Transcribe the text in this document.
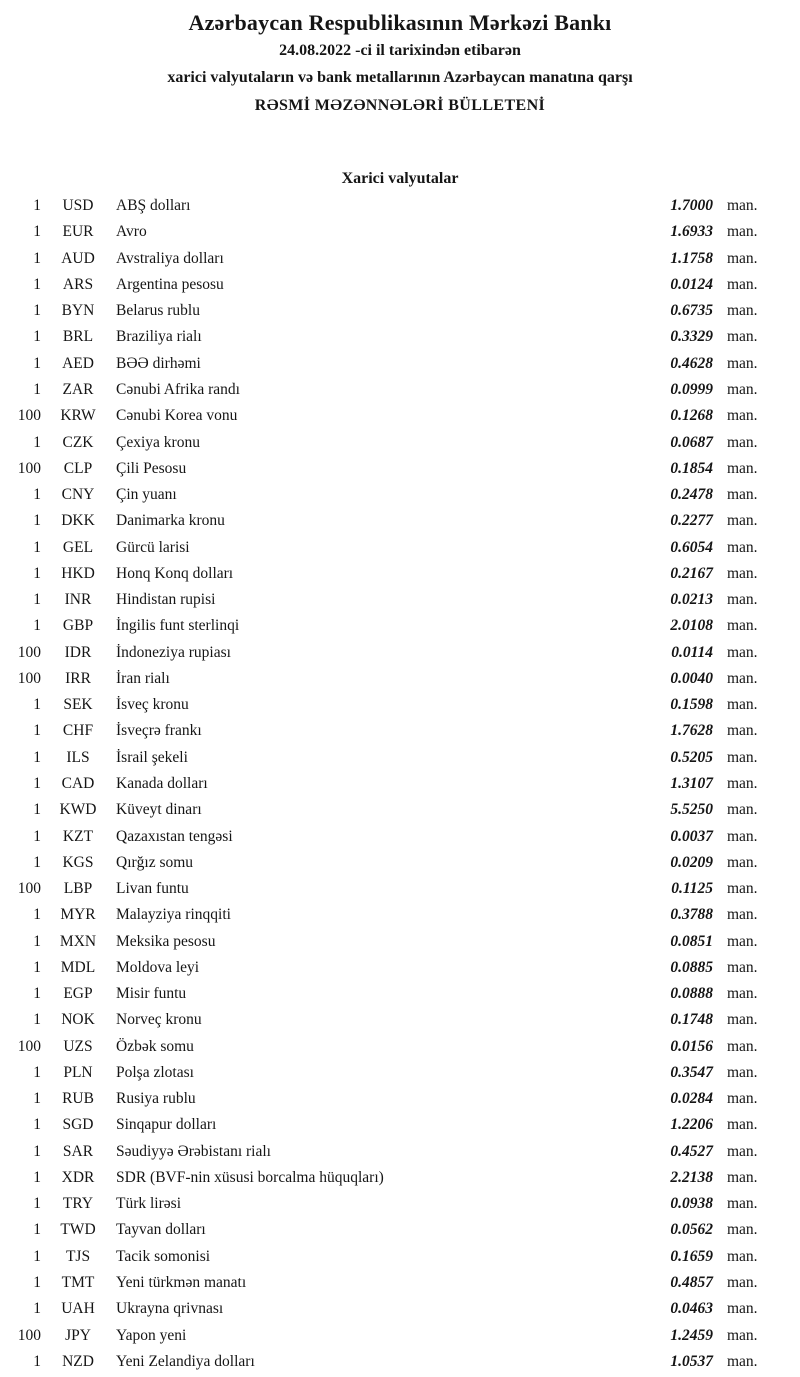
Azərbaycan Respublikasının Mərkəzi Bankı
24.08.2022 -ci il tarixindən etibarən
xarici valyutaların və bank metallarının Azərbaycan manatına qarşı
RƏSMİ MƏZƏNNƏLƏRİ BÜLLETENİ
Xarici valyutalar
1	USD	ABŞ dolları	1.7000 man.
1	EUR	Avro	1.6933 man.
1	AUD	Avstraliya dolları	1.1758 man.
1	ARS	Argentina pesosu	0.0124 man.
1	BYN	Belarus rublu	0.6735 man.
1	BRL	Braziliya rialı	0.3329 man.
1	AED	BƏƏ dirhəmi	0.4628 man.
1	ZAR	Cənubi Afrika randı	0.0999 man.
100	KRW	Cənubi Korea vonu	0.1268 man.
1	CZK	Çexiya kronu	0.0687 man.
100	CLP	Çili Pesosu	0.1854 man.
1	CNY	Çin yuanı	0.2478 man.
1	DKK	Danimarka kronu	0.2277 man.
1	GEL	Gürcü larisi	0.6054 man.
1	HKD	Honq Konq dolları	0.2167 man.
1	INR	Hindistan rupisi	0.0213 man.
1	GBP	İngilis funt sterlinqi	2.0108 man.
100	IDR	İndoneziya rupiası	0.0114 man.
100	IRR	İran rialı	0.0040 man.
1	SEK	İsveç kronu	0.1598 man.
1	CHF	İsveçrə frankı	1.7628 man.
1	ILS	İsrail şekeli	0.5205 man.
1	CAD	Kanada dolları	1.3107 man.
1	KWD	Küveyt dinarı	5.5250 man.
1	KZT	Qazaxıstan tengəsi	0.0037 man.
1	KGS	Qırğız somu	0.0209 man.
100	LBP	Livan funtu	0.1125 man.
1	MYR	Malayziya rinqqiti	0.3788 man.
1	MXN	Meksika pesosu	0.0851 man.
1	MDL	Moldova leyi	0.0885 man.
1	EGP	Misir funtu	0.0888 man.
1	NOK	Norveç kronu	0.1748 man.
100	UZS	Özbək somu	0.0156 man.
1	PLN	Polşa zlotası	0.3547 man.
1	RUB	Rusiya rublu	0.0284 man.
1	SGD	Sinqapur dolları	1.2206 man.
1	SAR	Səudiyyə Ərəbistanı rialı	0.4527 man.
1	XDR	SDR (BVF-nin xüsusi borcalma hüquqları)	2.2138 man.
1	TRY	Türk lirəsi	0.0938 man.
1	TWD	Tayvan dolları	0.0562 man.
1	TJS	Tacik somonisi	0.1659 man.
1	TMT	Yeni türkmən manatı	0.4857 man.
1	UAH	Ukrayna qrivnası	0.0463 man.
100	JPY	Yapon yeni	1.2459 man.
1	NZD	Yeni Zelandiya dolları	1.0537 man.
